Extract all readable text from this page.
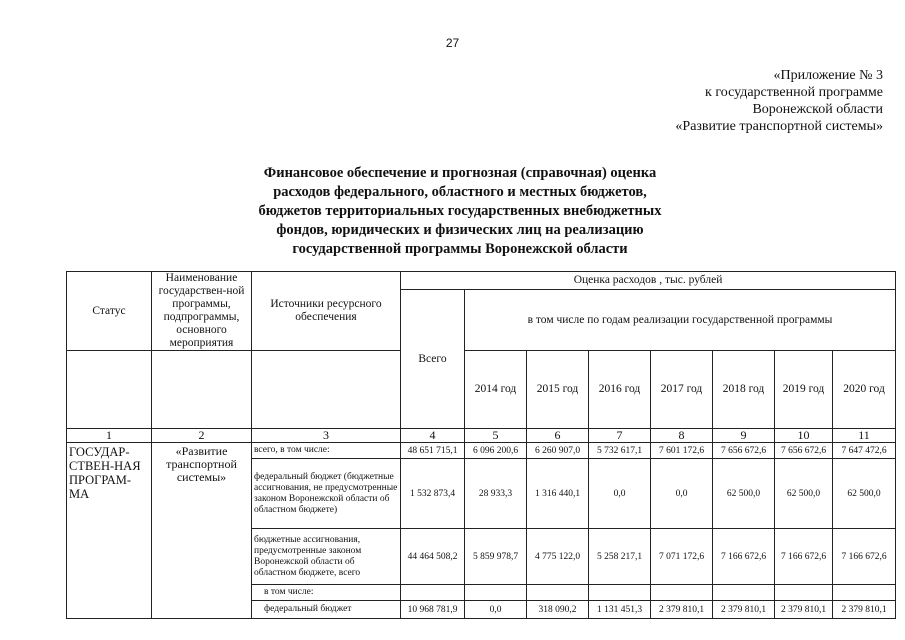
27
«Приложение № 3
к государственной программе
Воронежской области
«Развитие транспортной системы»
Финансовое обеспечение и прогнозная (справочная) оценка
расходов федерального, областного и местных бюджетов,
бюджетов территориальных государственных внебюджетных
фондов, юридических и физических лиц на реализацию
государственной программы Воронежской области
Статус	Наименование государствен-ной программы, подпрограммы, основного мероприятия	Источники ресурсного обеспечения	Оценка расходов , тыс. рублей							
			Всего	в том числе по годам реализации государственной программы						
				2014 год	2015 год	2016 год	2017 год	2018 год	2019 год	2020 год
1	2	3	4	5	6	7	8	9	10	11
ГОСУДАР-СТВЕН-НАЯ ПРОГРАМ-МА	«Развитие транспортной системы»	всего, в том числе:	48 651 715,1	6 096 200,6	6 260 907,0	5 732 617,1	7 601 172,6	7 656 672,6	7 656 672,6	7 647 472,6
		федеральный бюджет (бюджетные ассигнования, не предусмотренные законом Воронежской области об областном бюджете)	1 532 873,4	28 933,3	1 316 440,1	0,0	0,0	62 500,0	62 500,0	62 500,0
		бюджетные ассигнования, предусмотренные законом Воронежской области об областном бюджете, всего	44 464 508,2	5 859 978,7	4 775 122,0	5 258 217,1	7 071 172,6	7 166 672,6	7 166 672,6	7 166 672,6
		в том числе:								
		федеральный бюджет	10 968 781,9	0,0	318 090,2	1 131 451,3	2 379 810,1	2 379 810,1	2 379 810,1	2 379 810,1
